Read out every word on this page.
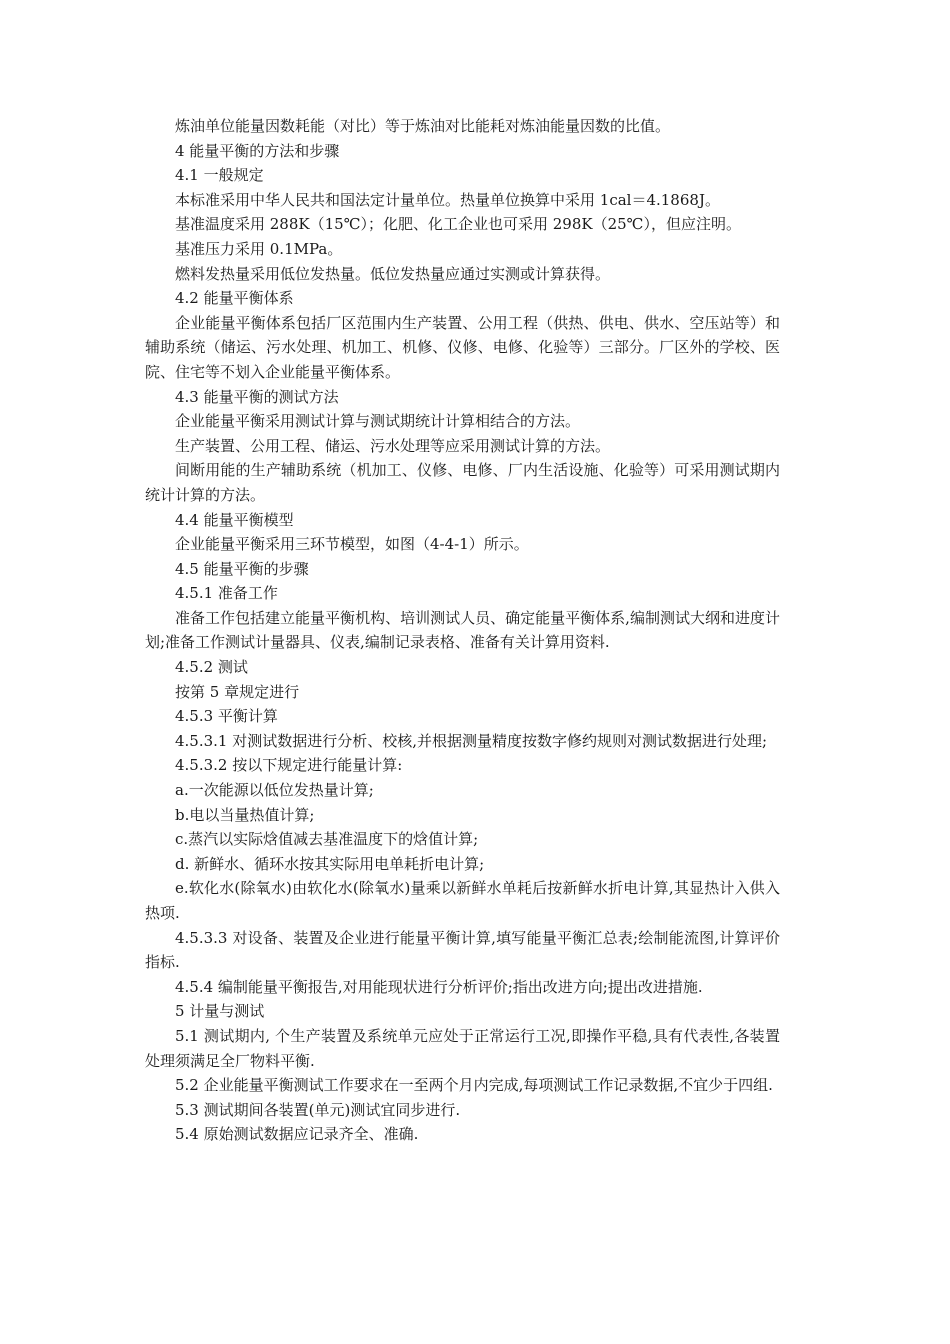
炼油单位能量因数耗能（对比）等于炼油对比能耗对炼油能量因数的比值。

4 能量平衡的方法和步骤

4.1 一般规定

本标准采用中华人民共和国法定计量单位。热量单位换算中采用 1cal＝4.1868J。

基准温度采用 288K（15℃）；化肥、化工企业也可采用 298K（25℃），但应注明。

基准压力采用 0.1MPa。

燃料发热量采用低位发热量。低位发热量应通过实测或计算获得。

4.2 能量平衡体系

企业能量平衡体系包括厂区范围内生产装置、公用工程（供热、供电、供水、空压站等）和辅助系统（储运、污水处理、机加工、机修、仪修、电修、化验等）三部分。厂区外的学校、医院、住宅等不划入企业能量平衡体系。

4.3 能量平衡的测试方法

企业能量平衡采用测试计算与测试期统计计算相结合的方法。

生产装置、公用工程、储运、污水处理等应采用测试计算的方法。

间断用能的生产辅助系统（机加工、仪修、电修、厂内生活设施、化验等）可采用测试期内统计计算的方法。

4.4 能量平衡模型

企业能量平衡采用三环节模型，如图（4-4-1）所示。

4.5 能量平衡的步骤

4.5.1 准备工作

准备工作包括建立能量平衡机构、培训测试人员、确定能量平衡体系,编制测试大纲和进度计划;准备工作测试计量器具、仪表,编制记录表格、准备有关计算用资料.

4.5.2 测试

按第 5 章规定进行

4.5.3 平衡计算

4.5.3.1 对测试数据进行分析、校核,并根据测量精度按数字修约规则对测试数据进行处理;

4.5.3.2 按以下规定进行能量计算:

a.一次能源以低位发热量计算;

b.电以当量热值计算;

c.蒸汽以实际焓值减去基准温度下的焓值计算;

d. 新鲜水、循环水按其实际用电单耗折电计算;

e.软化水(除氧水)由软化水(除氧水)量乘以新鲜水单耗后按新鲜水折电计算,其显热计入供入热项.

4.5.3.3 对设备、装置及企业进行能量平衡计算,填写能量平衡汇总表;绘制能流图,计算评价指标.

4.5.4 编制能量平衡报告,对用能现状进行分析评价;指出改进方向;提出改进措施.

5 计量与测试

5.1 测试期内, 个生产装置及系统单元应处于正常运行工况,即操作平稳,具有代表性,各装置处理须满足全厂物料平衡.

5.2 企业能量平衡测试工作要求在一至两个月内完成,每项测试工作记录数据,不宜少于四组.

5.3 测试期间各装置(单元)测试宜同步进行.

5.4 原始测试数据应记录齐全、准确.
